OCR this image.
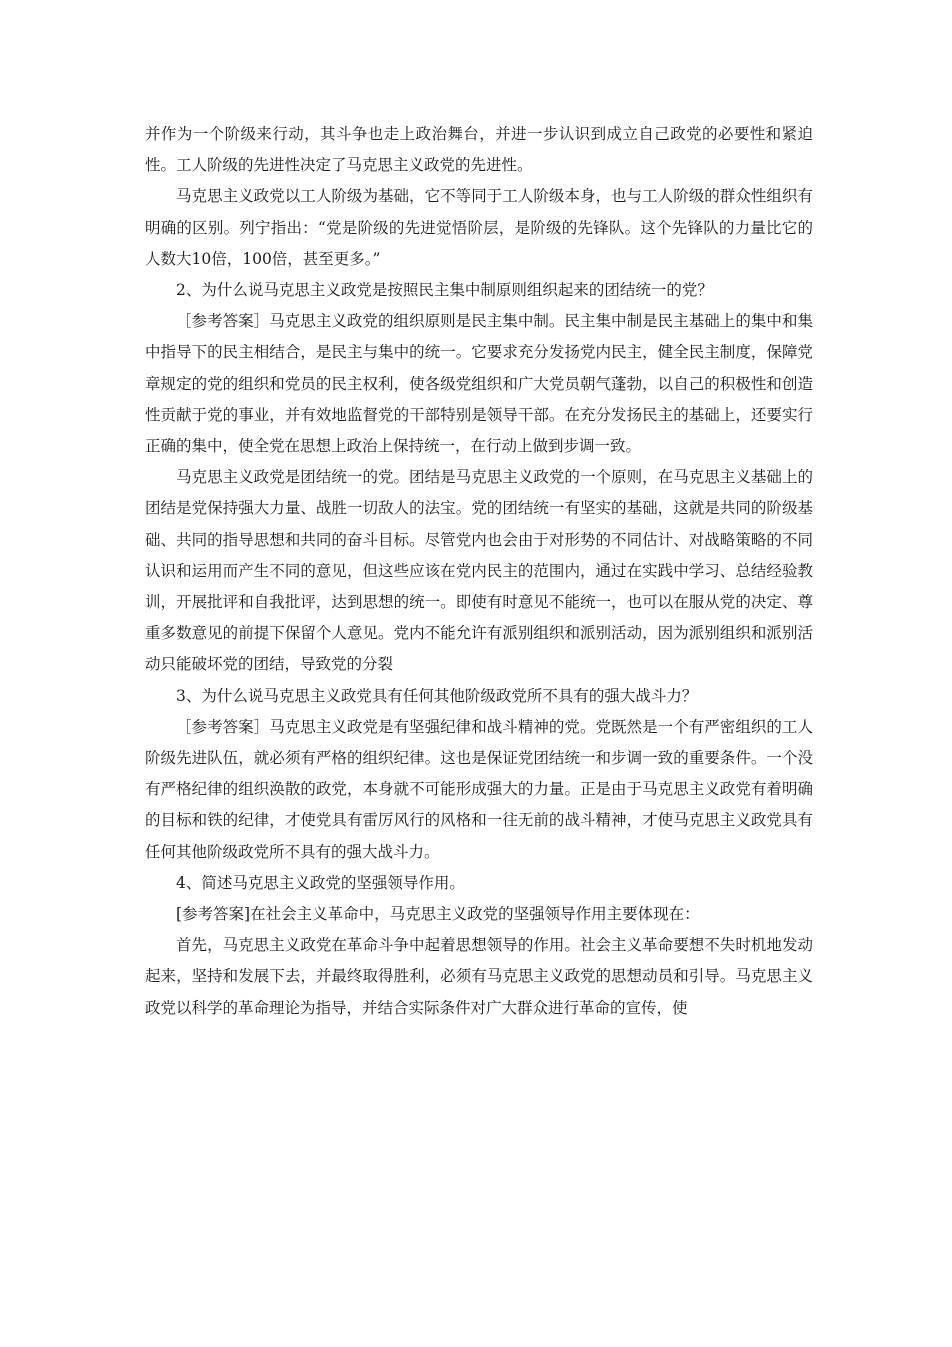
并作为一个阶级来行动，其斗争也走上政治舞台，并进一步认识到成立自己政党的必要性和紧迫性。工人阶级的先进性决定了马克思主义政党的先进性。

马克思主义政党以工人阶级为基础，它不等同于工人阶级本身，也与工人阶级的群众性组织有明确的区别。列宁指出：“党是阶级的先进觉悟阶层，是阶级的先锋队。这个先锋队的力量比它的人数大10倍，100倍，甚至更多。”

2、为什么说马克思主义政党是按照民主集中制原则组织起来的团结统一的党？

［参考答案］马克思主义政党的组织原则是民主集中制。民主集中制是民主基础上的集中和集中指导下的民主相结合，是民主与集中的统一。它要求充分发扬党内民主，健全民主制度，保障党章规定的党的组织和党员的民主权利，使各级党组织和广大党员朝气蓬勃，以自己的积极性和创造性贡献于党的事业，并有效地监督党的干部特别是领导干部。在充分发扬民主的基础上，还要实行正确的集中，使全党在思想上政治上保持统一，在行动上做到步调一致。

马克思主义政党是团结统一的党。团结是马克思主义政党的一个原则，在马克思主义基础上的团结是党保持强大力量、战胜一切敌人的法宝。党的团结统一有坚实的基础，这就是共同的阶级基础、共同的指导思想和共同的奋斗目标。尽管党内也会由于对形势的不同估计、对战略策略的不同认识和运用而产生不同的意见，但这些应该在党内民主的范围内，通过在实践中学习、总结经验教训，开展批评和自我批评，达到思想的统一。即使有时意见不能统一，也可以在服从党的决定、尊重多数意见的前提下保留个人意见。党内不能允许有派别组织和派别活动，因为派别组织和派别活动只能破坏党的团结，导致党的分裂

3、为什么说马克思主义政党具有任何其他阶级政党所不具有的强大战斗力？

［参考答案］马克思主义政党是有坚强纪律和战斗精神的党。党既然是一个有严密组织的工人阶级先进队伍，就必须有严格的组织纪律。这也是保证党团结统一和步调一致的重要条件。一个没有严格纪律的组织涣散的政党，本身就不可能形成强大的力量。正是由于马克思主义政党有着明确的目标和铁的纪律，才使党具有雷厉风行的风格和一往无前的战斗精神，才使马克思主义政党具有任何其他阶级政党所不具有的强大战斗力。

4、简述马克思主义政党的坚强领导作用。

[参考答案]在社会主义革命中，马克思主义政党的坚强领导作用主要体现在：

首先，马克思主义政党在革命斗争中起着思想领导的作用。社会主义革命要想不失时机地发动起来，坚持和发展下去，并最终取得胜利，必须有马克思主义政党的思想动员和引导。马克思主义政党以科学的革命理论为指导，并结合实际条件对广大群众进行革命的宣传，使
